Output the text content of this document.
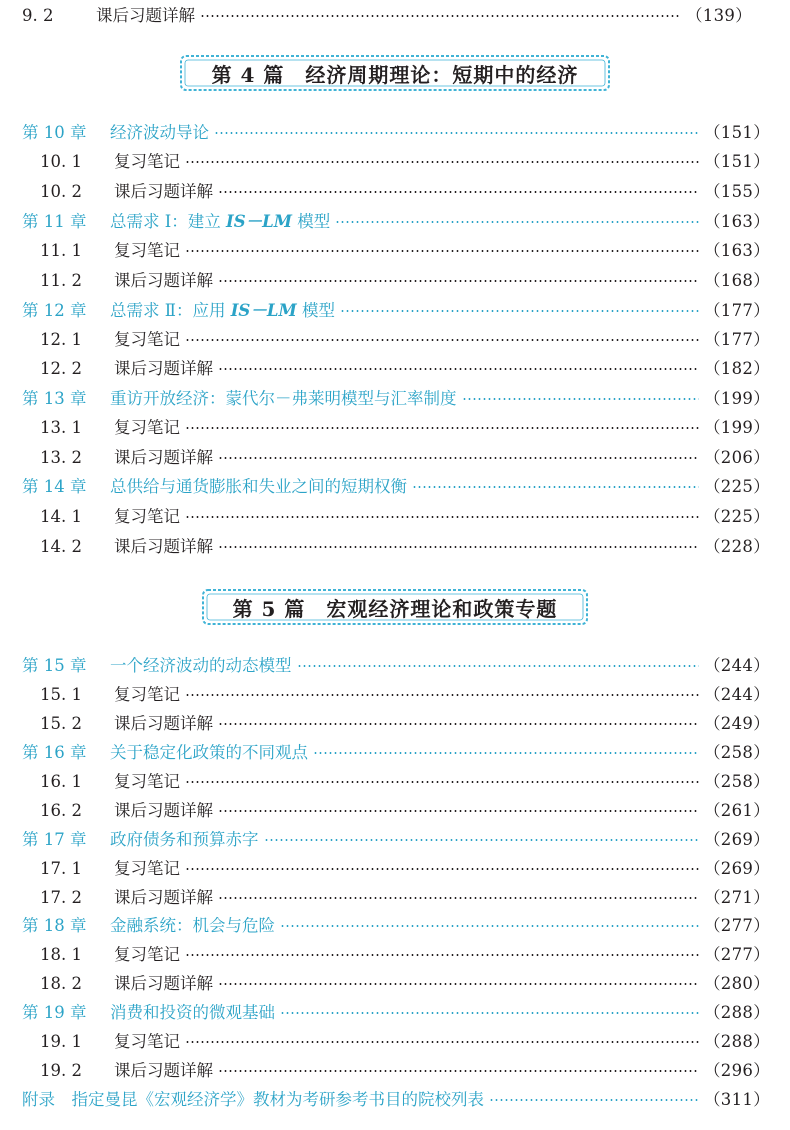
9. 2	课后习题详解	（139）
第 4 篇　经济周期理论：短期中的经济
第 10 章	经济波动导论	（151）
10. 1	复习笔记	（151）
10. 2	课后习题详解	（155）
第 11 章	总需求 Ⅰ：建立 IS－LM 模型	（163）
11. 1	复习笔记	（163）
11. 2	课后习题详解	（168）
第 12 章	总需求 Ⅱ：应用 IS－LM 模型	（177）
12. 1	复习笔记	（177）
12. 2	课后习题详解	（182）
第 13 章	重访开放经济：蒙代尔－弗莱明模型与汇率制度	（199）
13. 1	复习笔记	（199）
13. 2	课后习题详解	（206）
第 14 章	总供给与通货膨胀和失业之间的短期权衡	（225）
14. 1	复习笔记	（225）
14. 2	课后习题详解	（228）
第 5 篇　宏观经济理论和政策专题
第 15 章	一个经济波动的动态模型	（244）
15. 1	复习笔记	（244）
15. 2	课后习题详解	（249）
第 16 章	关于稳定化政策的不同观点	（258）
16. 1	复习笔记	（258）
16. 2	课后习题详解	（261）
第 17 章	政府债务和预算赤字	（269）
17. 1	复习笔记	（269）
17. 2	课后习题详解	（271）
第 18 章	金融系统：机会与危险	（277）
18. 1	复习笔记	（277）
18. 2	课后习题详解	（280）
第 19 章	消费和投资的微观基础	（288）
19. 1	复习笔记	（288）
19. 2	课后习题详解	（296）
附录　指定曼昆《宏观经济学》教材为考研参考书目的院校列表	（311）
